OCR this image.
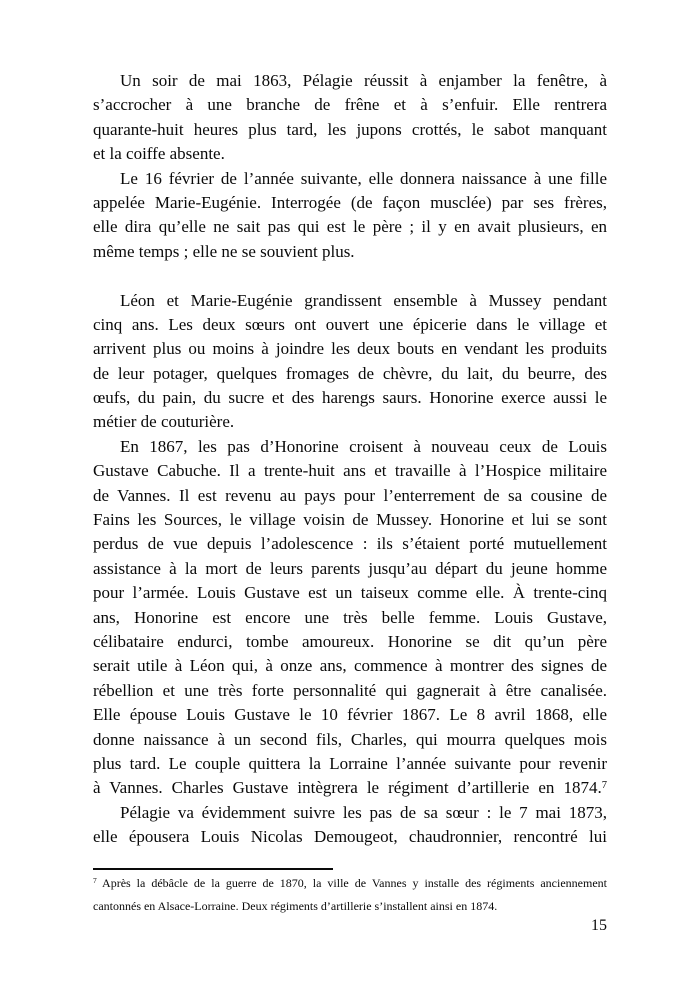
Un soir de mai 1863, Pélagie réussit à enjamber la fenêtre, à
s’accrocher à une branche de frêne et à s’enfuir. Elle rentrera
quarante-huit heures plus tard, les jupons crottés, le sabot manquant
et la coiffe absente.
Le 16 février de l’année suivante, elle donnera naissance à une fille
appelée Marie-Eugénie. Interrogée (de façon musclée) par ses frères,
elle dira qu’elle ne sait pas qui est le père ; il y en avait plusieurs, en
même temps ; elle ne se souvient plus.
Léon et Marie-Eugénie grandissent ensemble à Mussey pendant
cinq ans. Les deux sœurs ont ouvert une épicerie dans le village et
arrivent plus ou moins à joindre les deux bouts en vendant les produits
de leur potager, quelques fromages de chèvre, du lait, du beurre, des
œufs, du pain, du sucre et des harengs saurs. Honorine exerce aussi le
métier de couturière.
En 1867, les pas d’Honorine croisent à nouveau ceux de Louis
Gustave Cabuche. Il a trente-huit ans et travaille à l’Hospice militaire
de Vannes. Il est revenu au pays pour l’enterrement de sa cousine de
Fains les Sources, le village voisin de Mussey. Honorine et lui se sont
perdus de vue depuis l’adolescence : ils s’étaient porté mutuellement
assistance à la mort de leurs parents jusqu’au départ du jeune homme
pour l’armée. Louis Gustave est un taiseux comme elle. À trente-cinq
ans, Honorine est encore une très belle femme. Louis Gustave,
célibataire endurci, tombe amoureux. Honorine se dit qu’un père
serait utile à Léon qui, à onze ans, commence à montrer des signes de
rébellion et une très forte personnalité qui gagnerait à être canalisée.
Elle épouse Louis Gustave le 10 février 1867. Le 8 avril 1868, elle
donne naissance à un second fils, Charles, qui mourra quelques mois
plus tard. Le couple quittera la Lorraine l’année suivante pour revenir
à Vannes. Charles Gustave intègrera le régiment d’artillerie en 1874.$^7$
Pélagie va évidemment suivre les pas de sa sœur : le 7 mai 1873,
elle épousera Louis Nicolas Demougeot, chaudronnier, rencontré lui
$^7$ Après la débâcle de la guerre de 1870, la ville de Vannes y installe des régiments anciennement
cantonnés en Alsace-Lorraine. Deux régiments d’artillerie s’installent ainsi en 1874.
15
